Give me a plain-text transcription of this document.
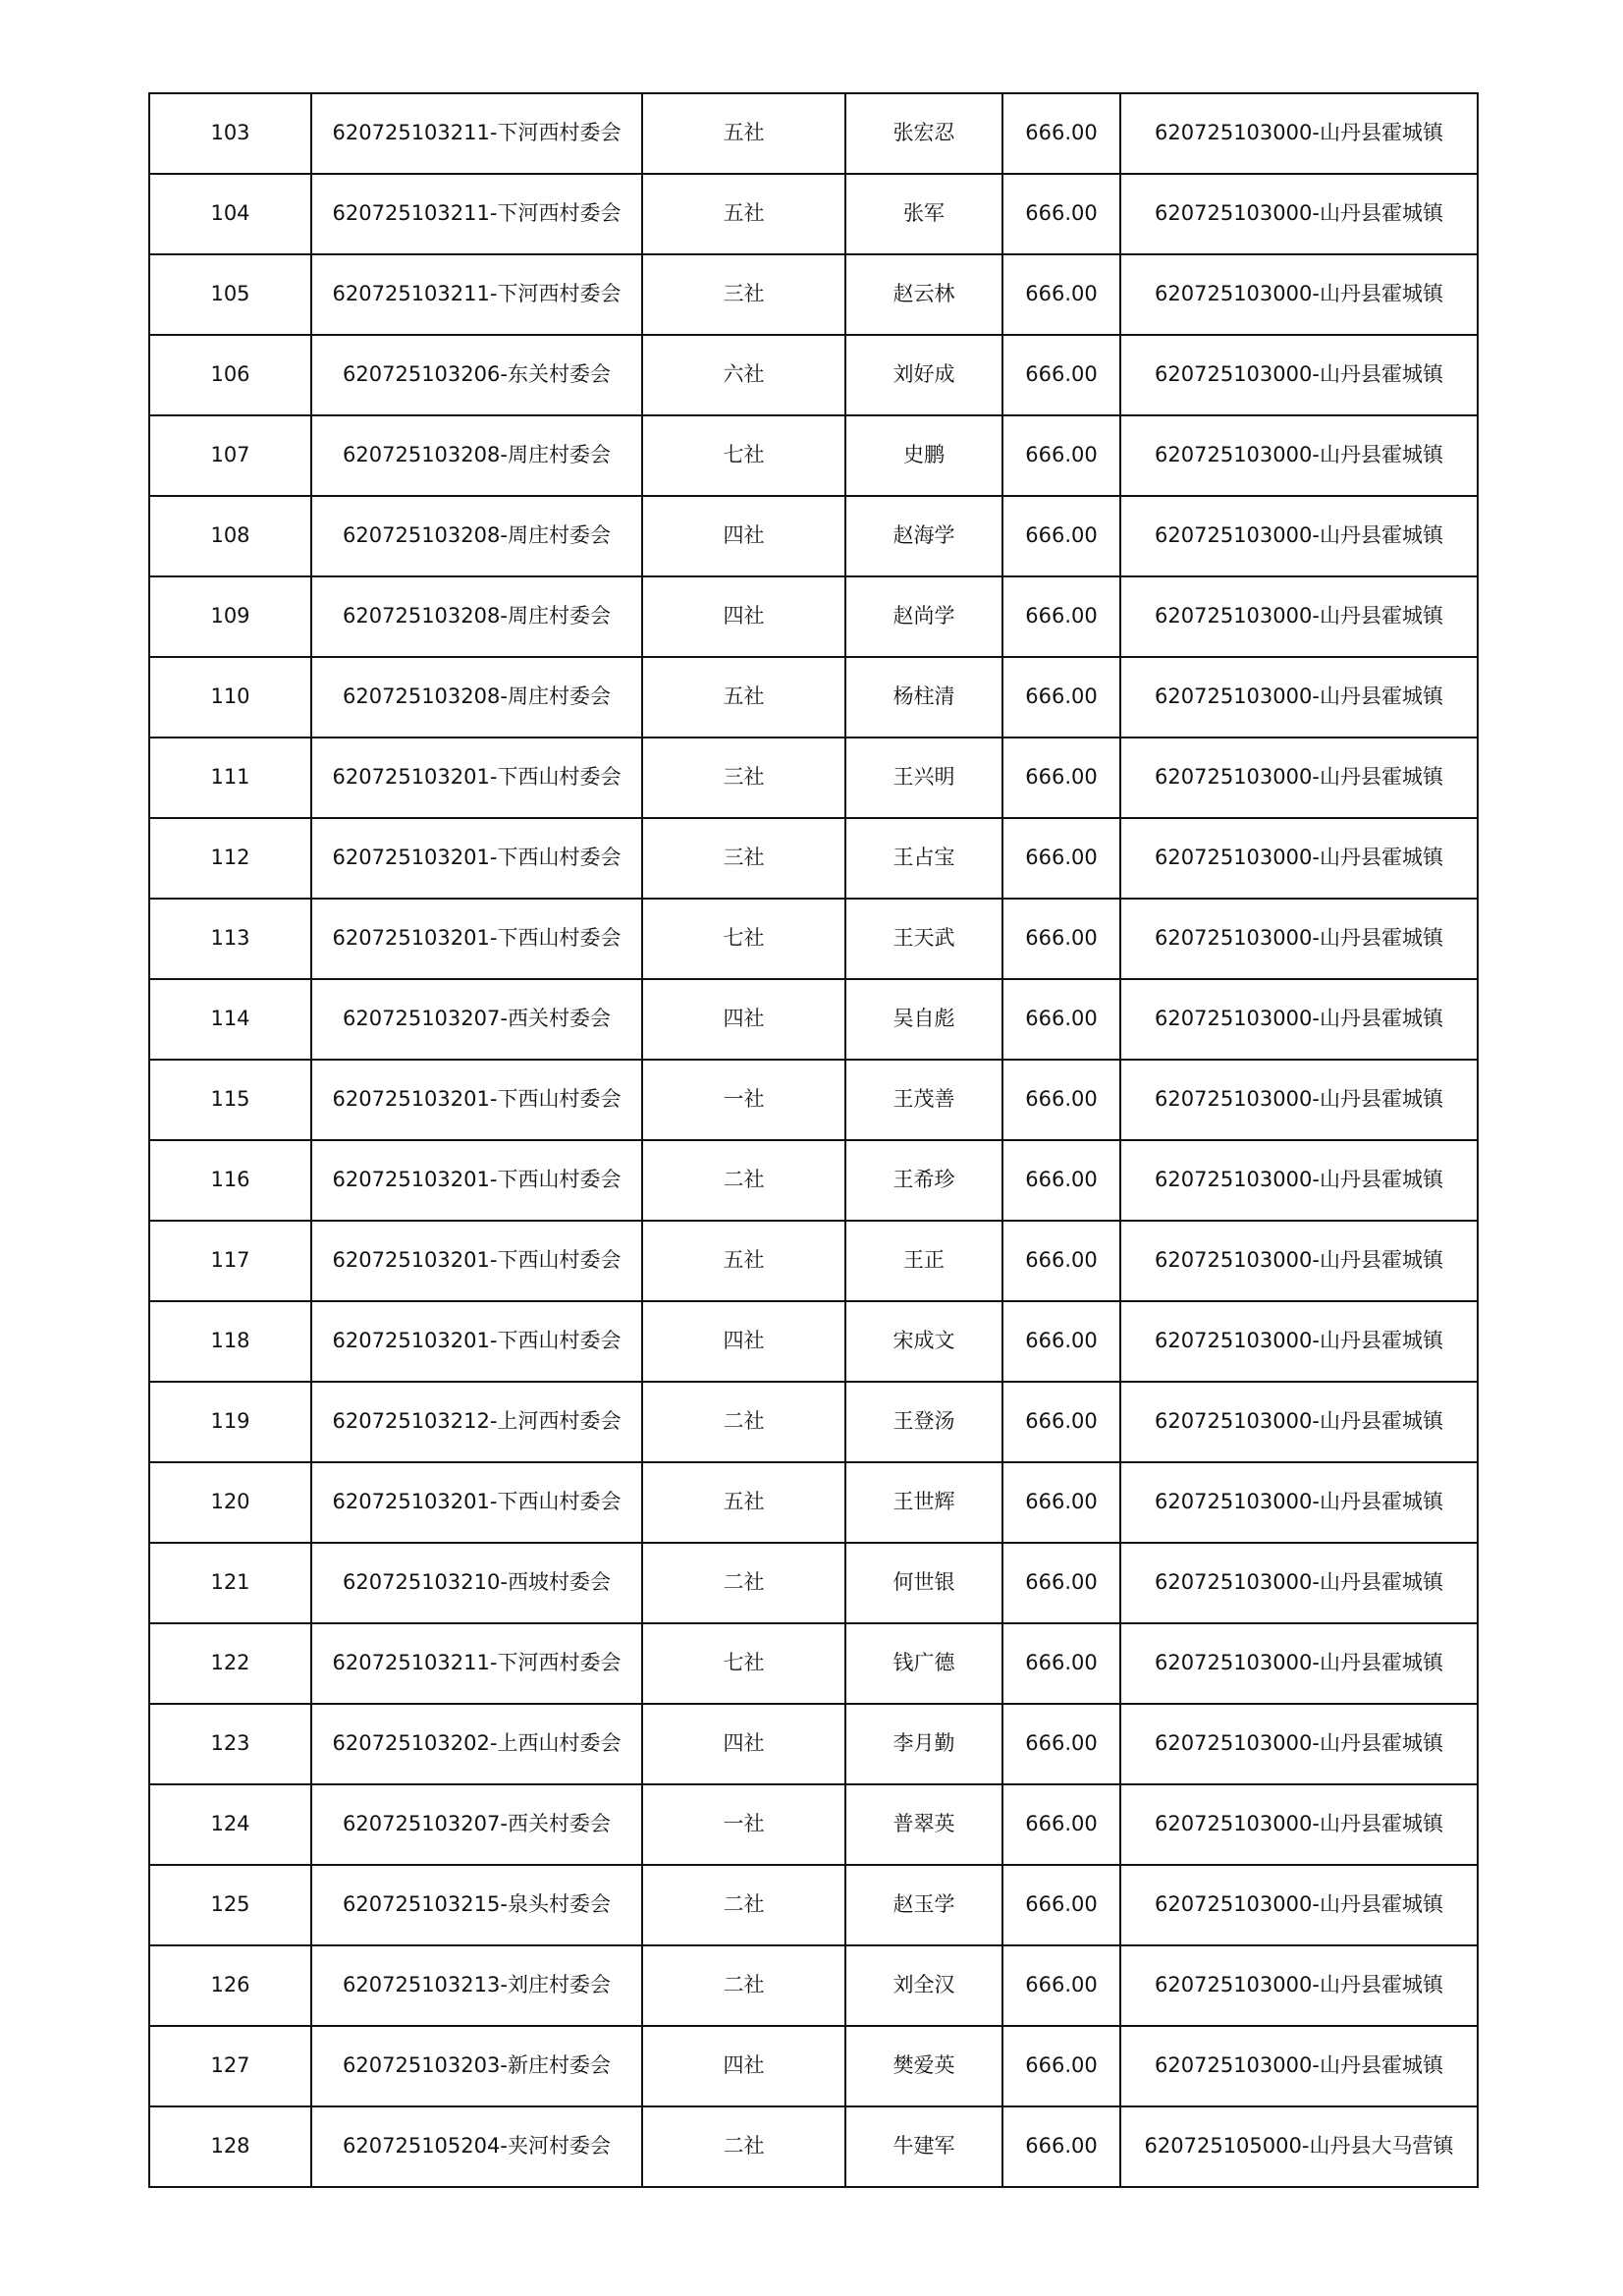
103	620725103211-下河西村委会	五社	张宏忍	666.00	620725103000-山丹县霍城镇
104	620725103211-下河西村委会	五社	张军	666.00	620725103000-山丹县霍城镇
105	620725103211-下河西村委会	三社	赵云林	666.00	620725103000-山丹县霍城镇
106	620725103206-东关村委会	六社	刘好成	666.00	620725103000-山丹县霍城镇
107	620725103208-周庄村委会	七社	史鹏	666.00	620725103000-山丹县霍城镇
108	620725103208-周庄村委会	四社	赵海学	666.00	620725103000-山丹县霍城镇
109	620725103208-周庄村委会	四社	赵尚学	666.00	620725103000-山丹县霍城镇
110	620725103208-周庄村委会	五社	杨柱清	666.00	620725103000-山丹县霍城镇
111	620725103201-下西山村委会	三社	王兴明	666.00	620725103000-山丹县霍城镇
112	620725103201-下西山村委会	三社	王占宝	666.00	620725103000-山丹县霍城镇
113	620725103201-下西山村委会	七社	王天武	666.00	620725103000-山丹县霍城镇
114	620725103207-西关村委会	四社	吴自彪	666.00	620725103000-山丹县霍城镇
115	620725103201-下西山村委会	一社	王茂善	666.00	620725103000-山丹县霍城镇
116	620725103201-下西山村委会	二社	王希珍	666.00	620725103000-山丹县霍城镇
117	620725103201-下西山村委会	五社	王正	666.00	620725103000-山丹县霍城镇
118	620725103201-下西山村委会	四社	宋成文	666.00	620725103000-山丹县霍城镇
119	620725103212-上河西村委会	二社	王登汤	666.00	620725103000-山丹县霍城镇
120	620725103201-下西山村委会	五社	王世辉	666.00	620725103000-山丹县霍城镇
121	620725103210-西坡村委会	二社	何世银	666.00	620725103000-山丹县霍城镇
122	620725103211-下河西村委会	七社	钱广德	666.00	620725103000-山丹县霍城镇
123	620725103202-上西山村委会	四社	李月勤	666.00	620725103000-山丹县霍城镇
124	620725103207-西关村委会	一社	普翠英	666.00	620725103000-山丹县霍城镇
125	620725103215-泉头村委会	二社	赵玉学	666.00	620725103000-山丹县霍城镇
126	620725103213-刘庄村委会	二社	刘全汉	666.00	620725103000-山丹县霍城镇
127	620725103203-新庄村委会	四社	樊爱英	666.00	620725103000-山丹县霍城镇
128	620725105204-夹河村委会	二社	牛建军	666.00	620725105000-山丹县大马营镇
